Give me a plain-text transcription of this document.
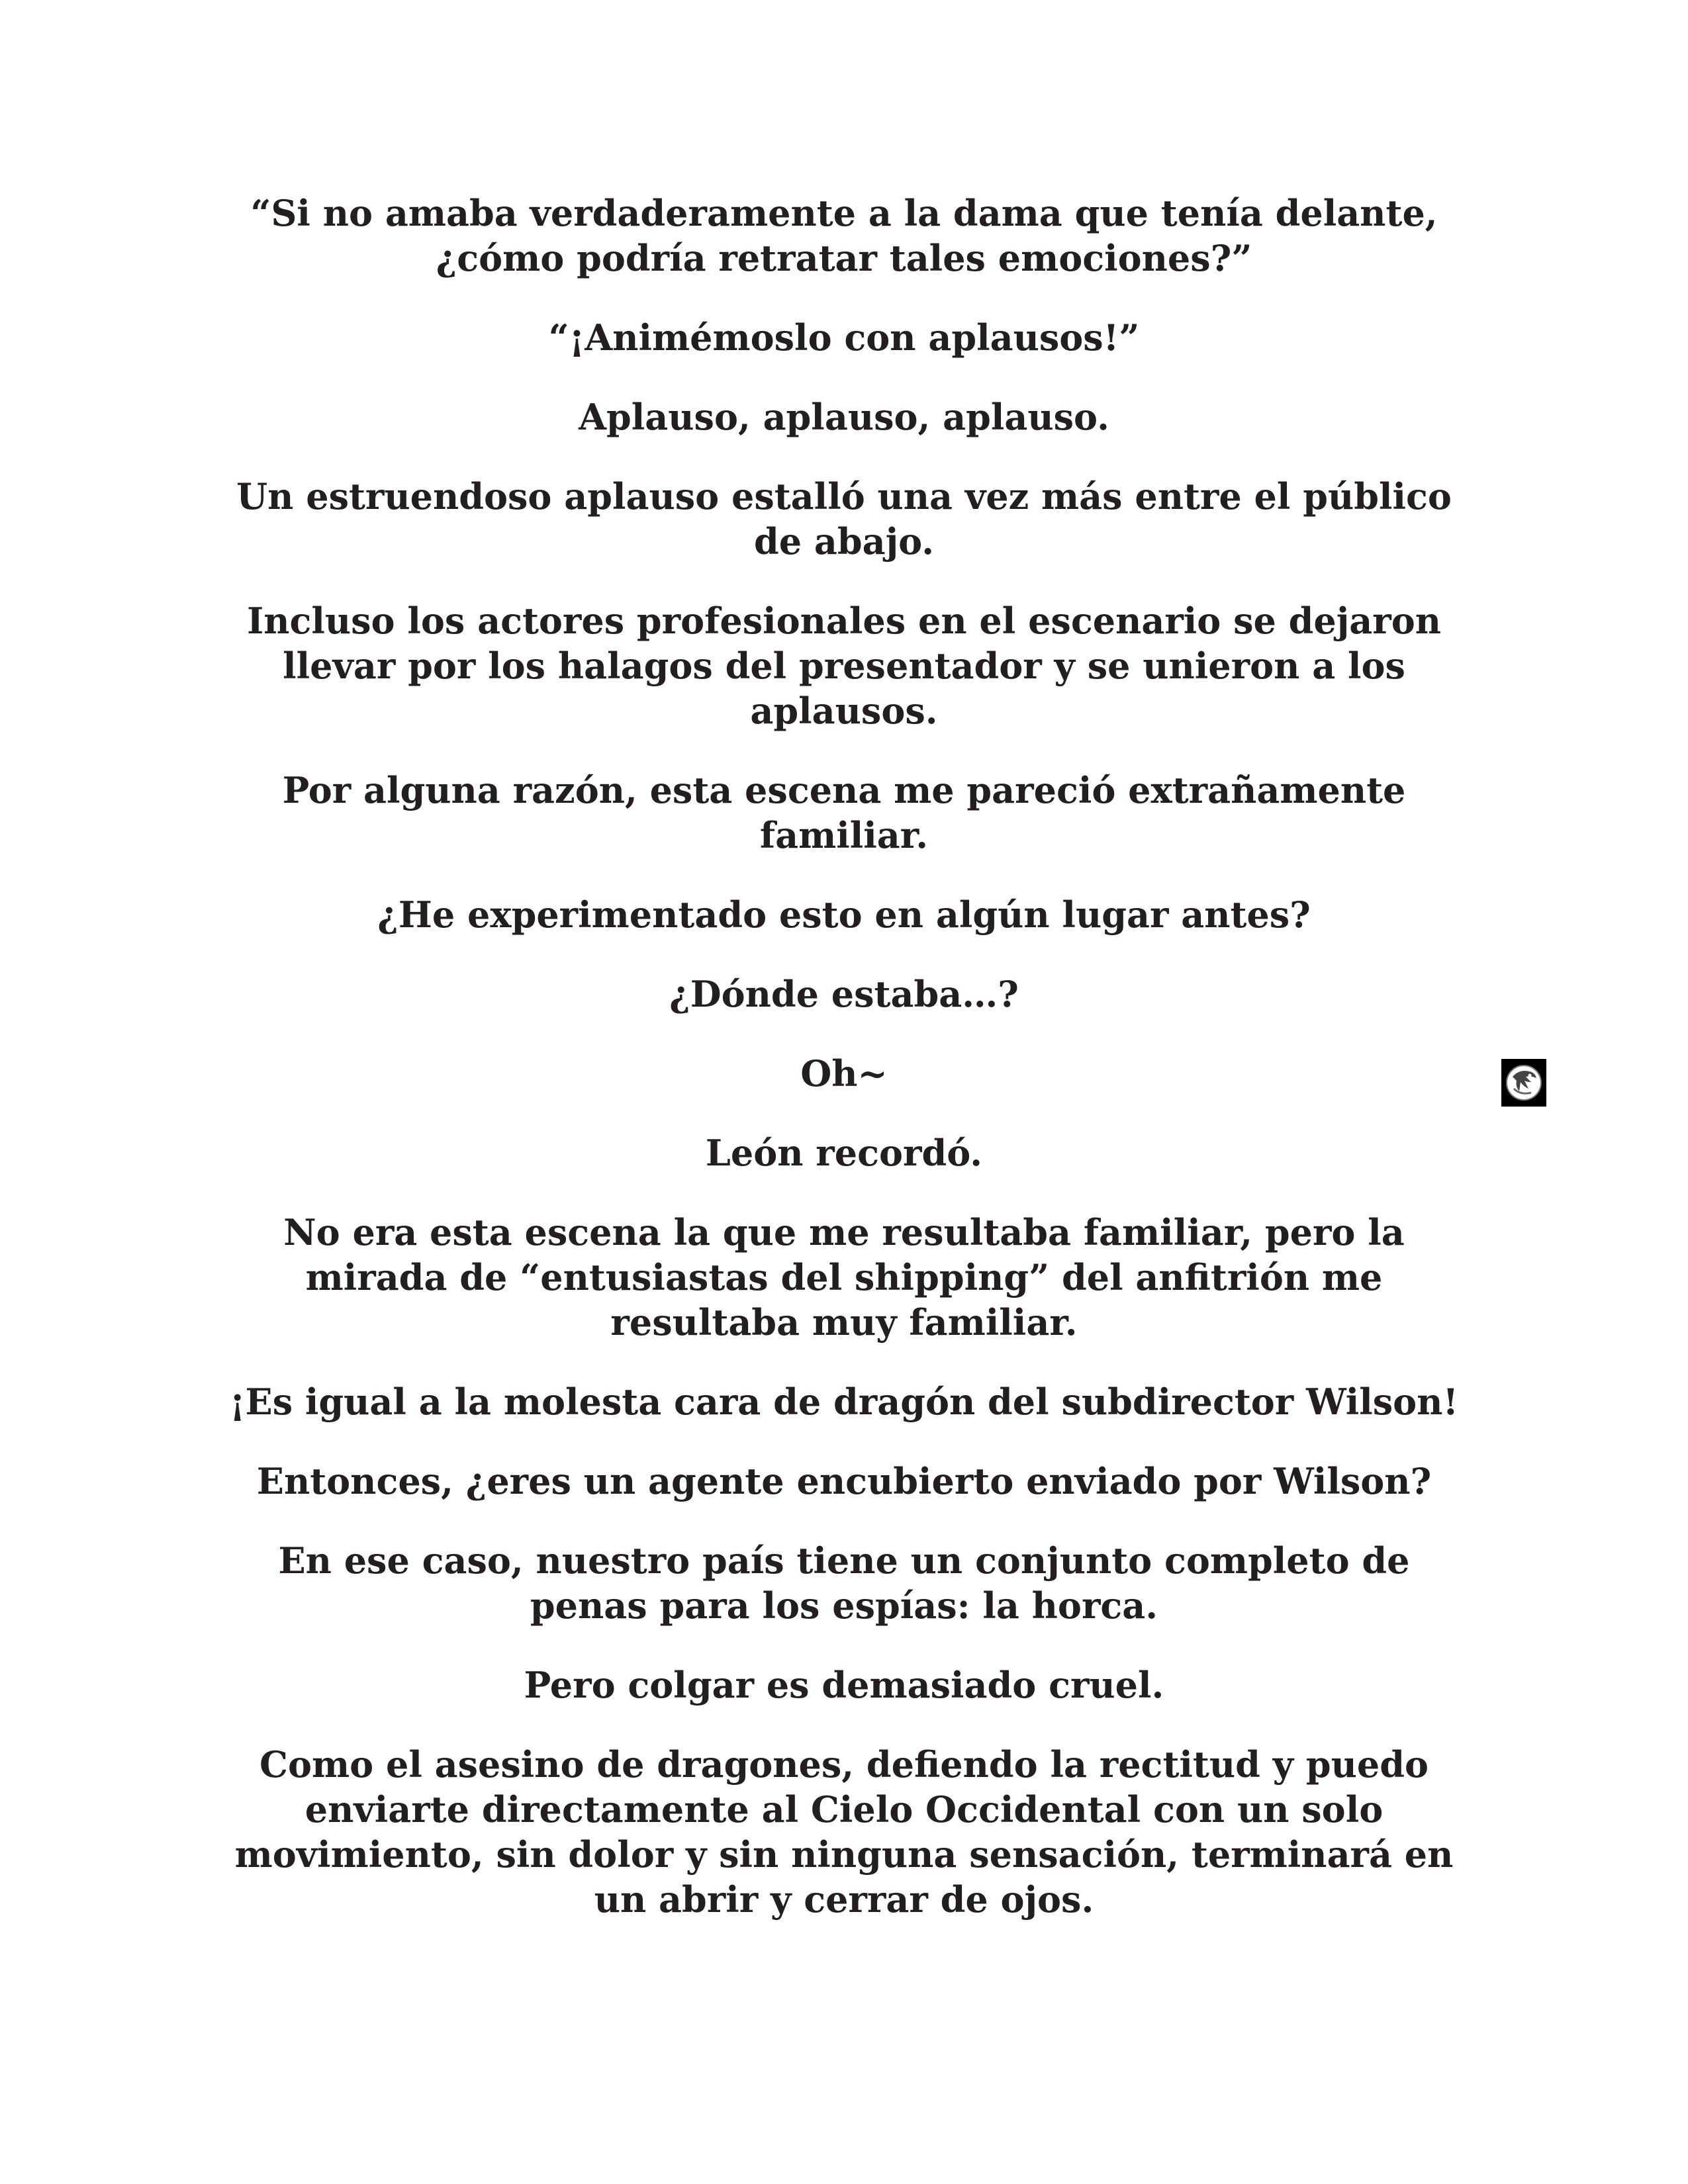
“Si no amaba verdaderamente a la dama que tenía delante, ¿cómo podría retratar tales emociones?”

“¡Animémoslo con aplausos!”

Aplauso, aplauso, aplauso.

Un estruendoso aplauso estalló una vez más entre el público de abajo.

Incluso los actores profesionales en el escenario se dejaron llevar por los halagos del presentador y se unieron a los aplausos.

Por alguna razón, esta escena me pareció extrañamente familiar.

¿He experimentado esto en algún lugar antes?

¿Dónde estaba…?

Oh~

León recordó.

No era esta escena la que me resultaba familiar, pero la mirada de “entusiastas del shipping” del anfitrión me resultaba muy familiar.

¡Es igual a la molesta cara de dragón del subdirector Wilson!

Entonces, ¿eres un agente encubierto enviado por Wilson?

En ese caso, nuestro país tiene un conjunto completo de penas para los espías: la horca.

Pero colgar es demasiado cruel.

Como el asesino de dragones, defiendo la rectitud y puedo enviarte directamente al Cielo Occidental con un solo movimiento, sin dolor y sin ninguna sensación, terminará en un abrir y cerrar de ojos.
